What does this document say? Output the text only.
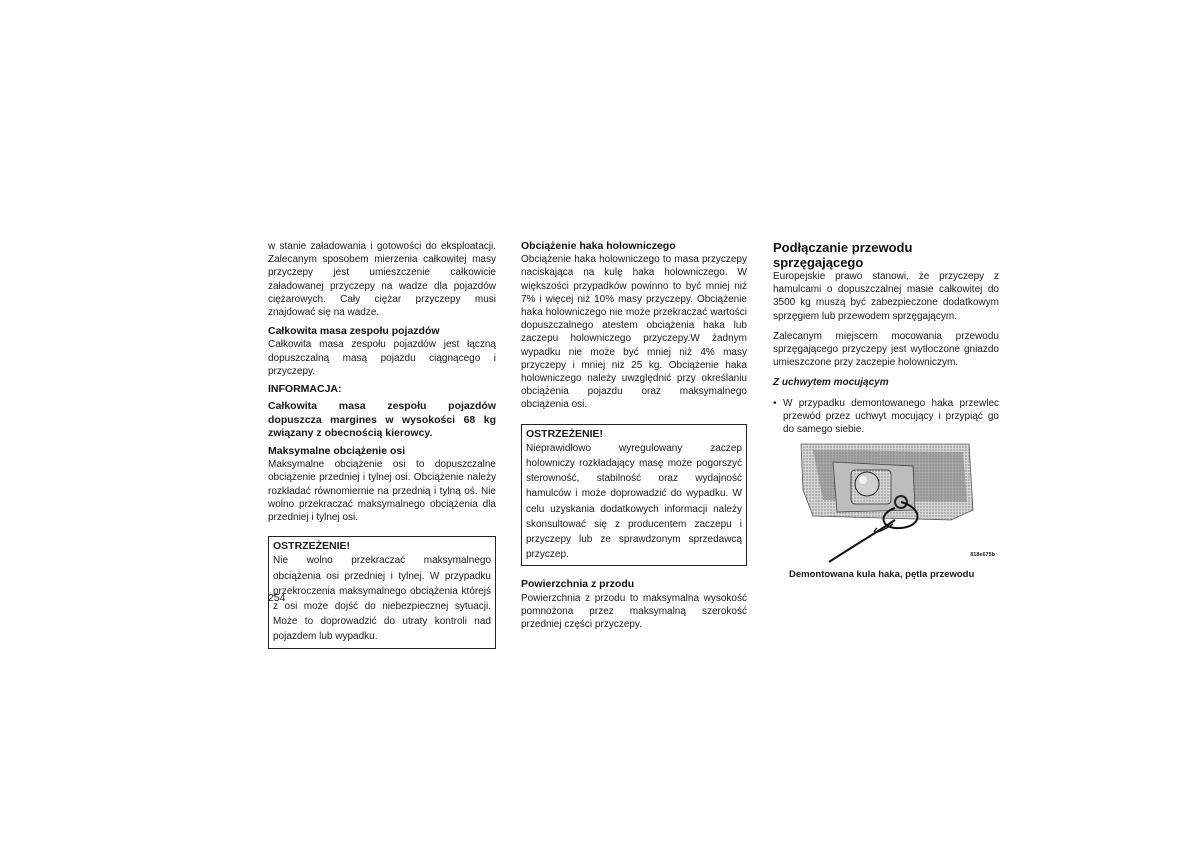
w stanie załadowania i gotowości do eksploatacji. Zalecanym sposobem mierzenia całkowitej masy przyczepy jest umieszczenie całkowicie załadowanej przyczepy na wadze dla pojazdów ciężarowych. Cały ciężar przyczepy musi znajdować się na wadze.

Całkowita masa zespołu pojazdów

Całkowita masa zespołu pojazdów jest łączną dopuszczalną masą pojazdu ciągnącego i przyczepy.

INFORMACJA:

Całkowita masa zespołu pojazdów dopuszcza margines w wysokości 68 kg związany z obecnością kierowcy.

Maksymalne obciążenie osi

Maksymalne obciążenie osi to dopuszczalne obciążenie przedniej i tylnej osi. Obciążenie należy rozkładać równomiernie na przednią i tylną oś. Nie wolno przekraczać maksymalnego obciążenia dla przedniej i tylnej osi.

OSTRZEŻENIE!

Nie wolno przekraczać maksymalnego obciążenia osi przedniej i tylnej. W przypadku przekroczenia maksymalnego obciążenia którejś z osi może dojść do niebezpiecznej sytuacji. Może to doprowadzić do utraty kontroli nad pojazdem lub wypadku.

254

Obciążenie haka holowniczego

Obciążenie haka holowniczego to masa przyczepy naciskająca na kulę haka holowniczego. W większości przypadków powinno to być mniej niż 7% i więcej niż 10% masy przyczepy. Obciążenie haka holowniczego nie może przekraczać wartości dopuszczalnego atestem obciążenia haka lub zaczepu holowniczego przyczepy.W żadnym wypadku nie może być mniej niż 4% masy przyczepy i mniej niż 25 kg. Obciążenie haka holowniczego należy uwzględnić przy określaniu obciążenia pojazdu oraz maksymalnego obciążenia osi.

OSTRZEŻENIE!

Nieprawidłowo wyregulowany zaczep holowniczy rozkładający masę może pogorszyć sterowność, stabilność oraz wydajność hamulców i może doprowadzić do wypadku. W celu uzyskania dodatkowych informacji należy skonsultować się z producentem zaczepu i przyczepy lub ze sprawdzonym sprzedawcą przyczep.

Powierzchnia z przodu

Powierzchnia z przodu to maksymalna wysokość pomnożona przez maksymalną szerokość przedniej części przyczepy.

Podłączanie przewodu sprzęgającego

Europejskie prawo stanowi, że przyczepy z hamulcami o dopuszczalnej masie całkowitej do 3500 kg muszą być zabezpieczone dodatkowym sprzęgiem lub przewodem sprzęgającym.

Zalecanym miejscem mocowania przewodu sprzęgającego przyczepy jest wytłoczone gniazdo umieszczone przy zaczepie holowniczym.

Z uchwytem mocującym

• W przypadku demontowanego haka przewlec przewód przez uchwyt mocujący i przypiąć go do samego siebie.

818e675b

Demontowana kula haka, pętla przewodu
